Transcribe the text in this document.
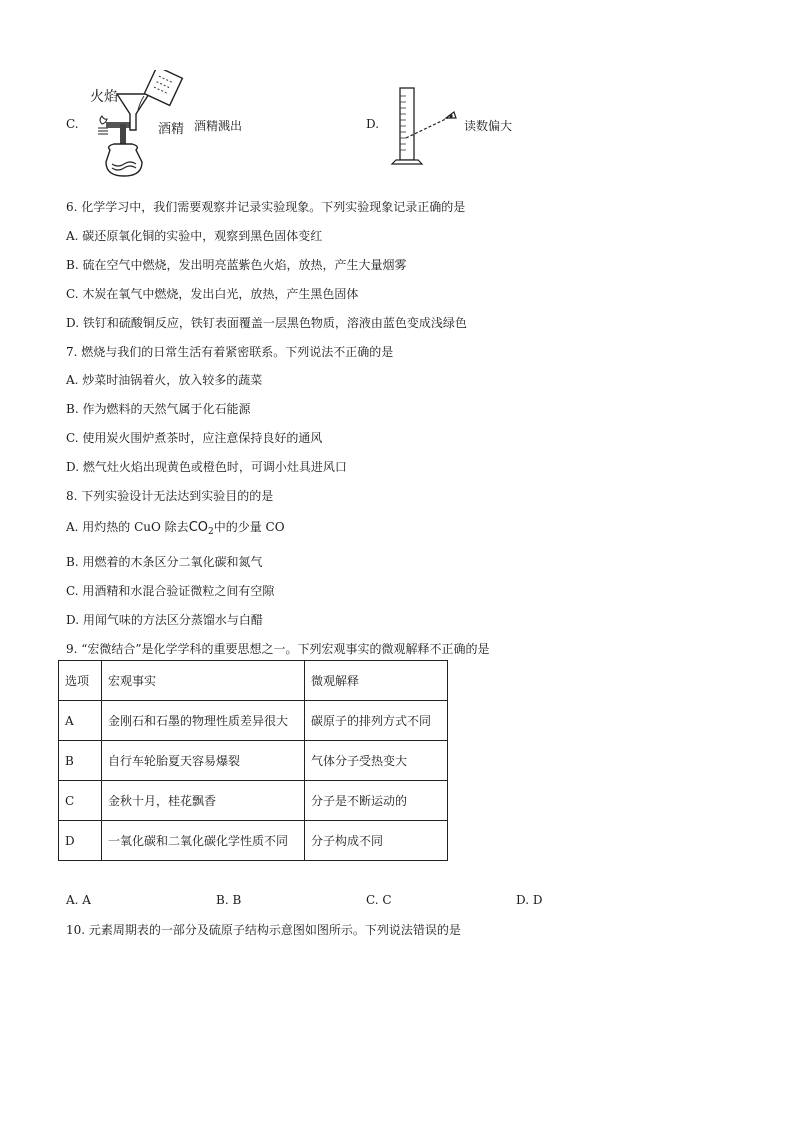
C.
火焰
酒精 酒精溅出	D.	读数偏大
6. 化学学习中，我们需要观察并记录实验现象。下列实验现象记录正确的是
A. 碳还原氧化铜的实验中，观察到黑色固体变红
B. 硫在空气中燃烧，发出明亮蓝紫色火焰，放热，产生大量烟雾
C. 木炭在氧气中燃烧，发出白光，放热，产生黑色固体
D. 铁钉和硫酸铜反应，铁钉表面覆盖一层黑色物质，溶液由蓝色变成浅绿色
7. 燃烧与我们的日常生活有着紧密联系。下列说法不正确的是
A. 炒菜时油锅着火，放入较多的蔬菜
B. 作为燃料的天然气属于化石能源
C. 使用炭火围炉煮茶时，应注意保持良好的通风
D. 燃气灶火焰出现黄色或橙色时，可调小灶具进风口
8. 下列实验设计无法达到实验目的的是
A. 用灼热的 CuO 除去$CO_2$中的少量 CO
B. 用燃着的木条区分二氧化碳和氮气
C. 用酒精和水混合验证微粒之间有空隙
D. 用闻气味的方法区分蒸馏水与白醋
9. “宏微结合”是化学学科的重要思想之一。下列宏观事实的微观解释不正确的是
选项	宏观事实	微观解释
A	金刚石和石墨的物理性质差异很大	碳原子的排列方式不同
B	自行车轮胎夏天容易爆裂	气体分子受热变大
C	金秋十月，桂花飘香	分子是不断运动的
D	一氧化碳和二氧化碳化学性质不同	分子构成不同
A. A	B. B	C. C	D. D
10. 元素周期表的一部分及硫原子结构示意图如图所示。下列说法错误的是
